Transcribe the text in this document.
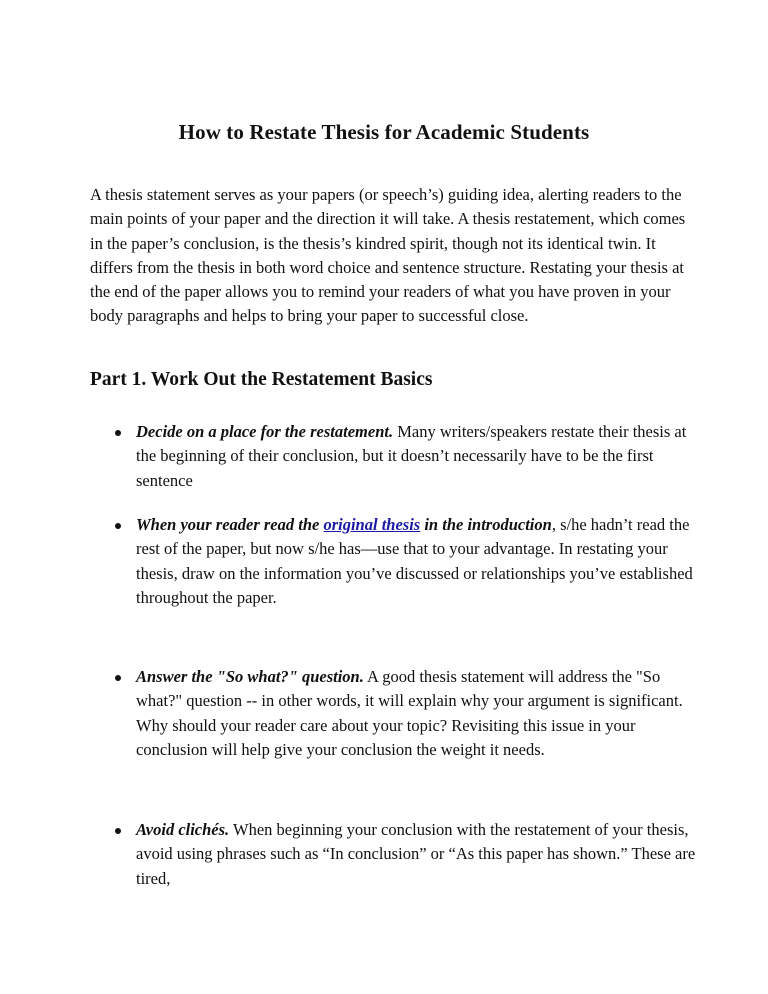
How to Restate Thesis for Academic Students

A thesis statement serves as your papers (or speech’s) guiding idea, alerting readers to the main points of your paper and the direction it will take. A thesis restatement, which comes in the paper’s conclusion, is the thesis’s kindred spirit, though not its identical twin. It differs from the thesis in both word choice and sentence structure. Restating your thesis at the end of the paper allows you to remind your readers of what you have proven in your body paragraphs and helps to bring your paper to successful close.

Part 1. Work Out the Restatement Basics
Decide on a place for the restatement. Many writers/speakers restate their thesis at the beginning of their conclusion, but it doesn’t necessarily have to be the first sentence
When your reader read the original thesis in the introduction, s/he hadn’t read the rest of the paper, but now s/he has—use that to your advantage. In restating your thesis, draw on the information you’ve discussed or relationships you’ve established throughout the paper.
Answer the "So what?" question. A good thesis statement will address the "So what?" question -- in other words, it will explain why your argument is significant. Why should your reader care about your topic? Revisiting this issue in your conclusion will help give your conclusion the weight it needs.
Avoid clichés. When beginning your conclusion with the restatement of your thesis, avoid using phrases such as “In conclusion” or “As this paper has shown.” These are tired,
